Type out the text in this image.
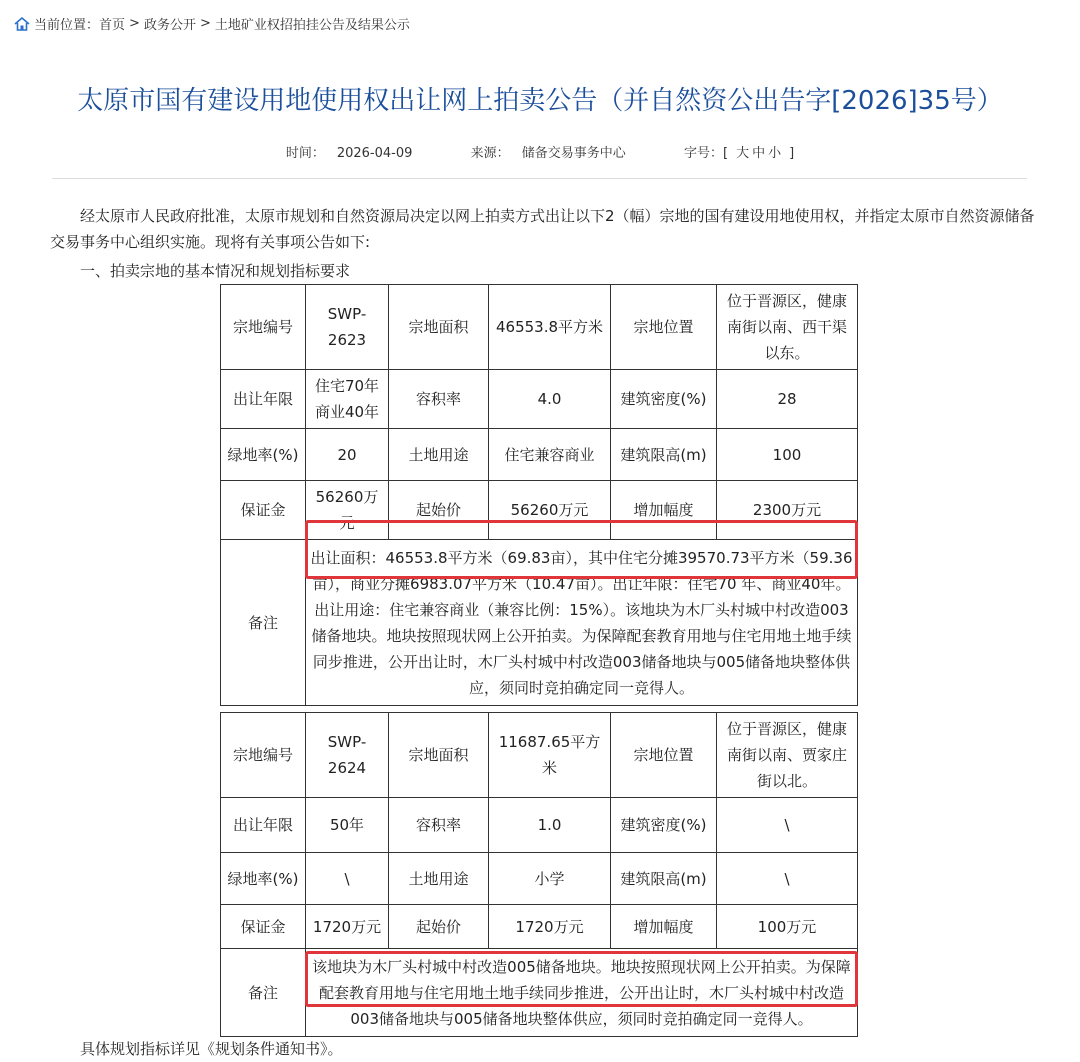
当前位置： 首页 > 政务公开 > 土地矿业权招拍挂公告及结果公示
太原市国有建设用地使用权出让网上拍卖公告（并自然资公出告字[2026]35号）
时间： 2026-04-09	来源： 储备交易事务中心	字号：[ 大 中 小 ]
经太原市人民政府批准，太原市规划和自然资源局决定以网上拍卖方式出让以下2（幅）宗地的国有建设用地使用权，并指定太原市自然资源储备
交易事务中心组织实施。现将有关事项公告如下:
一、拍卖宗地的基本情况和规划指标要求
宗地编号	SWP-2623	宗地面积	46553.8平方米	宗地位置	位于晋源区，健康南街以南、西干渠以东。
出让年限	住宅70年 商业40年	容积率	4.0	建筑密度(%)	28
绿地率(%)	20	土地用途	住宅兼容商业	建筑限高(m)	100
保证金	56260万元	起始价	56260万元	增加幅度	2300万元
备注	出让面积：46553.8平方米（69.83亩），其中住宅分摊39570.73平方米（59.36亩），商业分摊6983.07平方米（10.47亩）。出让年限：住宅70 年、商业40年。出让用途：住宅兼容商业（兼容比例：15%）。该地块为木厂头村城中村改造003储备地块。地块按照现状网上公开拍卖。为保障配套教育用地与住宅用地土地手续同步推进，公开出让时，木厂头村城中村改造003储备地块与005储备地块整体供应，须同时竞拍确定同一竞得人。				
宗地编号	SWP-2624	宗地面积	11687.65平方米	宗地位置	位于晋源区，健康南街以南、贾家庄街以北。
出让年限	50年	容积率	1.0	建筑密度(%)	\
绿地率(%)	\	土地用途	小学	建筑限高(m)	\
保证金	1720万元	起始价	1720万元	增加幅度	100万元
备注	该地块为木厂头村城中村改造005储备地块。地块按照现状网上公开拍卖。为保障配套教育用地与住宅用地土地手续同步推进，公开出让时，木厂头村城中村改造003储备地块与005储备地块整体供应，须同时竞拍确定同一竞得人。				
具体规划指标详见《规划条件通知书》。
